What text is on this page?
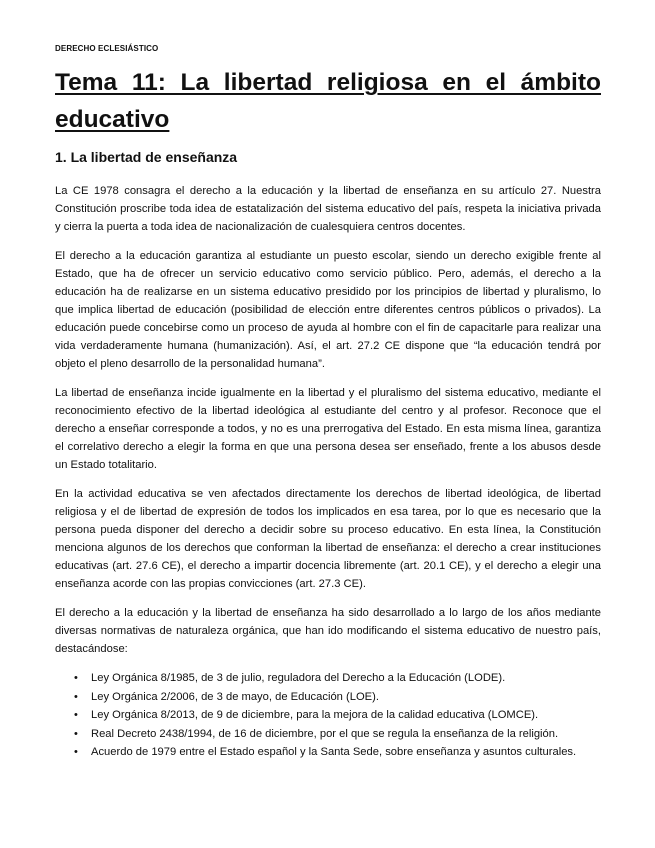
DERECHO ECLESIÁSTICO
Tema 11: La libertad religiosa en el ámbito educativo
1. La libertad de enseñanza

La CE 1978 consagra el derecho a la educación y la libertad de enseñanza en su artículo 27. Nuestra Constitución proscribe toda idea de estatalización del sistema educativo del país, respeta la iniciativa privada y cierra la puerta a toda idea de nacionalización de cualesquiera centros docentes.

El derecho a la educación garantiza al estudiante un puesto escolar, siendo un derecho exigible frente al Estado, que ha de ofrecer un servicio educativo como servicio público. Pero, además, el derecho a la educación ha de realizarse en un sistema educativo presidido por los principios de libertad y pluralismo, lo que implica libertad de educación (posibilidad de elección entre diferentes centros públicos o privados). La educación puede concebirse como un proceso de ayuda al hombre con el fin de capacitarle para realizar una vida verdaderamente humana (humanización). Así, el art. 27.2 CE dispone que “la educación tendrá por objeto el pleno desarrollo de la personalidad humana”.

La libertad de enseñanza incide igualmente en la libertad y el pluralismo del sistema educativo, mediante el reconocimiento efectivo de la libertad ideológica al estudiante del centro y al profesor. Reconoce que el derecho a enseñar corresponde a todos, y no es una prerrogativa del Estado. En esta misma línea, garantiza el correlativo derecho a elegir la forma en que una persona desea ser enseñado, frente a los abusos desde un Estado totalitario.

En la actividad educativa se ven afectados directamente los derechos de libertad ideológica, de libertad religiosa y el de libertad de expresión de todos los implicados en esa tarea, por lo que es necesario que la persona pueda disponer del derecho a decidir sobre su proceso educativo. En esta línea, la Constitución menciona algunos de los derechos que conforman la libertad de enseñanza: el derecho a crear instituciones educativas (art. 27.6 CE), el derecho a impartir docencia libremente (art. 20.1 CE), y el derecho a elegir una enseñanza acorde con las propias convicciones (art. 27.3 CE).

El derecho a la educación y la libertad de enseñanza ha sido desarrollado a lo largo de los años mediante diversas normativas de naturaleza orgánica, que han ido modificando el sistema educativo de nuestro país, destacándose:

• Ley Orgánica 8/1985, de 3 de julio, reguladora del Derecho a la Educación (LODE).
• Ley Orgánica 2/2006, de 3 de mayo, de Educación (LOE).
• Ley Orgánica 8/2013, de 9 de diciembre, para la mejora de la calidad educativa (LOMCE).
• Real Decreto 2438/1994, de 16 de diciembre, por el que se regula la enseñanza de la religión.
• Acuerdo de 1979 entre el Estado español y la Santa Sede, sobre enseñanza y asuntos culturales.
